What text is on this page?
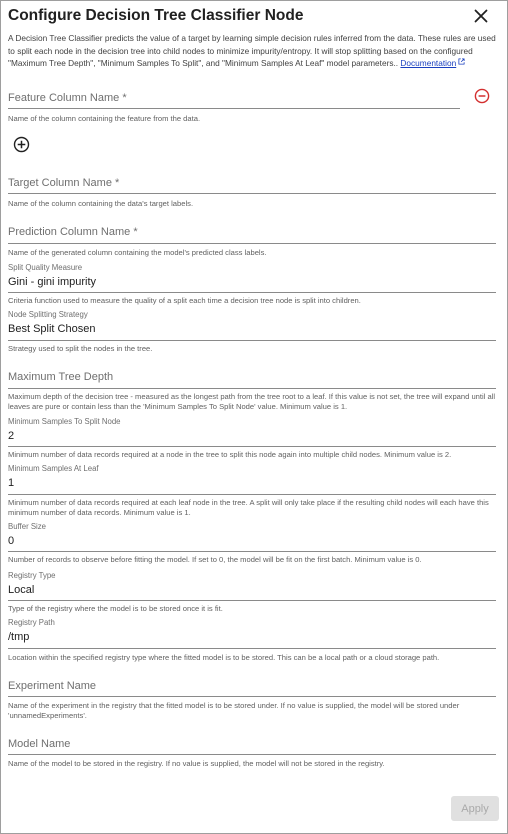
Configure Decision Tree Classifier Node
A Decision Tree Classifier predicts the value of a target by learning simple decision rules inferred from the data. These rules are used to split each node in the decision tree into child nodes to minimize impurity/entropy. It will stop splitting based on the configured "Maximum Tree Depth", "Minimum Samples To Split", and "Minimum Samples At Leaf" model parameters.. Documentation
Feature Column Name *
Name of the column containing the feature from the data.
Target Column Name *
Name of the column containing the data's target labels.
Prediction Column Name *
Name of the generated column containing the model's predicted class labels.
Split Quality Measure
Gini - gini impurity
Criteria function used to measure the quality of a split each time a decision tree node is split into children.
Node Splitting Strategy
Best Split Chosen
Strategy used to split the nodes in the tree.
Maximum Tree Depth
Maximum depth of the decision tree - measured as the longest path from the tree root to a leaf. If this value is not set, the tree will expand until all leaves are pure or contain less than the 'Minimum Samples To Split Node' value. Minimum value is 1.
Minimum Samples To Split Node
2
Minimum number of data records required at a node in the tree to split this node again into multiple child nodes. Minimum value is 2.
Minimum Samples At Leaf
1
Minimum number of data records required at each leaf node in the tree. A split will only take place if the resulting child nodes will each have this minimum number of data records. Minimum value is 1.
Buffer Size
0
Number of records to observe before fitting the model. If set to 0, the model will be fit on the first batch. Minimum value is 0.
Registry Type
Local
Type of the registry where the model is to be stored once it is fit.
Registry Path
/tmp
Location within the specified registry type where the fitted model is to be stored. This can be a local path or a cloud storage path.
Experiment Name
Name of the experiment in the registry that the fitted model is to be stored under. If no value is supplied, the model will be stored under 'unnamedExperiments'.
Model Name
Name of the model to be stored in the registry. If no value is supplied, the model will not be stored in the registry.
Apply
